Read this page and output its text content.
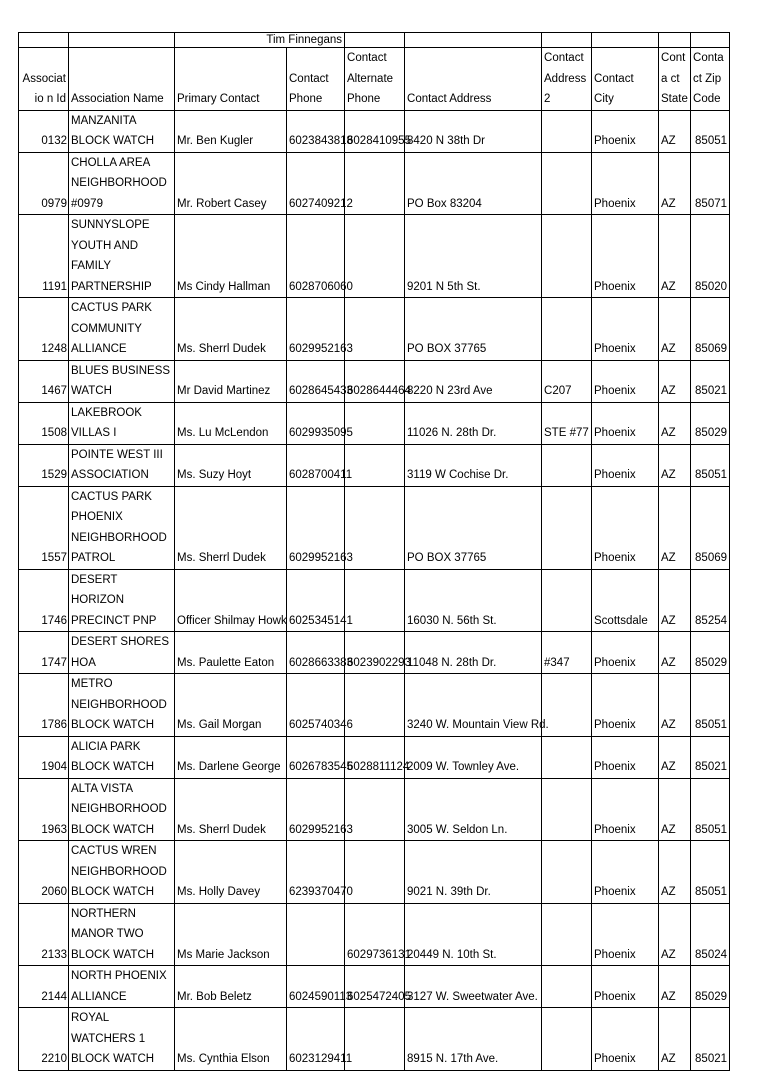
		Tim Finnegans							
Associatio n Id	Association Name	Primary Contact	Contact Phone	Contact Alternate Phone	Contact Address	Contact Address 2	Contact City	Conta ct State	Contact Zip Code
0132	MANZANITA BLOCK WATCH	Mr. Ben Kugler	6023843818	6028410955	8420 N 38th Dr		Phoenix	AZ	85051
0979	CHOLLA AREA NEIGHBORHOOD #0979	Mr. Robert Casey	6027409212		PO Box 83204		Phoenix	AZ	85071
1191	SUNNYSLOPE YOUTH AND FAMILY PARTNERSHIP	Ms Cindy Hallman	6028706060		9201 N 5th St.		Phoenix	AZ	85020
1248	CACTUS PARK COMMUNITY ALLIANCE	Ms. Sherrl Dudek	6029952163		PO BOX 37765		Phoenix	AZ	85069
1467	BLUES BUSINESS WATCH	Mr David Martinez	6028645433	6028644464	8220 N 23rd Ave	C207	Phoenix	AZ	85021
1508	LAKEBROOK VILLAS I	Ms. Lu McLendon	6029935095		11026 N. 28th Dr.	STE #77	Phoenix	AZ	85029
1529	POINTE WEST III ASSOCIATION	Ms. Suzy Hoyt	6028700411		3119 W Cochise Dr.		Phoenix	AZ	85051
1557	CACTUS PARK PHOENIX NEIGHBORHOOD PATROL	Ms. Sherrl Dudek	6029952163		PO BOX 37765		Phoenix	AZ	85069
1746	DESERT HORIZON PRECINCT PNP	Officer Shilmay Howk	6025345141		16030 N. 56th St.		Scottsdale	AZ	85254
1747	DESERT SHORES HOA	Ms. Paulette Eaton	6028663383	6023902293	11048 N. 28th Dr.	#347	Phoenix	AZ	85029
1786	METRO NEIGHBORHOOD BLOCK WATCH	Ms. Gail Morgan	6025740346		3240 W. Mountain View Rd.		Phoenix	AZ	85051
1904	ALICIA PARK BLOCK WATCH	Ms. Darlene George	6026783545	6028811124	2009 W. Townley Ave.		Phoenix	AZ	85021
1963	ALTA VISTA NEIGHBORHOOD BLOCK WATCH	Ms. Sherrl Dudek	6029952163		3005 W. Seldon Ln.		Phoenix	AZ	85051
2060	CACTUS WREN NEIGHBORHOOD BLOCK WATCH	Ms. Holly Davey	6239370470		9021 N. 39th Dr.		Phoenix	AZ	85051
2133	NORTHERN MANOR TWO BLOCK WATCH	Ms Marie Jackson		6029736131	20449 N. 10th St.		Phoenix	AZ	85024
2144	NORTH PHOENIX ALLIANCE	Mr. Bob Beletz	6024590113	6025472405	3127 W. Sweetwater Ave.		Phoenix	AZ	85029
2210	ROYAL WATCHERS 1 BLOCK WATCH	Ms. Cynthia Elson	6023129411		8915 N. 17th Ave.		Phoenix	AZ	85021
